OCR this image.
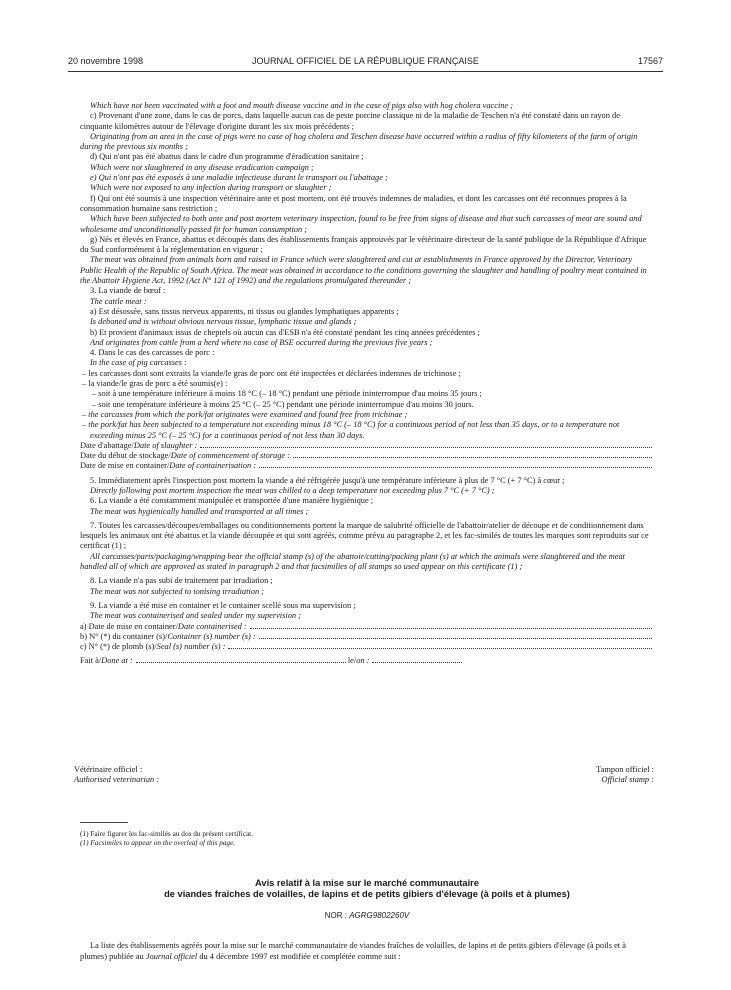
20 novembre 1998	JOURNAL OFFICIEL DE LA RÉPUBLIQUE FRANÇAISE	17567

Which have not been vaccinated with a foot and mouth disease vaccine and in the case of pigs also with hog cholera vaccine ;

c) Provenant d'une zone, dans le cas de porcs, dans laquelle aucun cas de peste porcine classique ni de la maladie de Teschen n'a été constaté dans un rayon de cinquante kilomètres autour de l'élevage d'origine durant les six mois précédents ;

Originating from an area in the case of pigs were no case of hog cholera and Teschen disease have occurred within a radius of fifty kilometers of the farm of origin during the previous six months ;

d) Qui n'ont pas été abattus dans le cadre d'un programme d'éradication sanitaire ;

Which were not slaughtered in any disease eradication campaign ;

e) Qui n'ont pas été exposés à une maladie infectieuse durant le transport ou l'abattage ;

Which were not exposed to any infection during transport or slaughter ;

f) Qui ont été soumis à une inspection vétérinaire ante et post mortem, ont été trouvés indemnes de maladies, et dont les carcasses ont été reconnues propres à la consommation humaine sans restriction ;

Which have been subjected to both ante and post mortem veterinary inspection, found to be free from signs of disease and that such carcasses of meat are sound and wholesome and unconditionally passed fit for human consumption ;

g) Nés et élevés en France, abattus et découpés dans des établissements français approuvés par le vétérinaire directeur de la santé publique de la République d'Afrique du Sud conformément à la réglementation en vigueur ;

The meat was obtained from animals born and raised in France which were slaughtered and cut at establishments in France approved by the Director, Veterinary Public Health of the Republic of South Africa. The meat was obtained in accordance to the conditions governing the slaughter and handling of poultry meat contained in the Abattoir Hygiene Act, 1992 (Act N° 121 of 1992) and the regulations promulgated thereunder ;

3. La viande de bœuf :

The cattle meat :

a) Est désossée, sans tissus nerveux apparents, ni tissus ou glandes lymphatiques apparents ;

Is deboned and is without obvious nervous tissue, lymphatic tissue and glands ;

b) Et provient d'animaux issus de cheptels où aucun cas d'ESB n'a été constaté pendant les cinq années précédentes ;

And originates from cattle from a herd where no case of BSE occurred during the previous five years ;

4. Dans le cas des carcasses de porc :

In the case of pig carcasses :

– les carcasses dont sont extraits la viande/le gras de porc ont été inspectées et déclarées indemnes de trichinose ;

– la viande/le gras de porc a été soumis(e) :

– soit à une température inférieure à moins 18 °C (– 18 °C) pendant une période ininterrompue d'au moins 35 jours ;

– soit une température inférieure à moins 25 °C (– 25 °C) pendant une période ininterrompue d'au moins 30 jours.

– the carcasses from which the pork/fat originates were examined and found free from trichinae ;

– the pork/fat has been subjected to a temperature not exceeding minus 18 °C (– 18 °C) for a continuous period of not less than 35 days, or to a temperature not exceeding minus 25 °C (– 25 °C) for a continuous period of not less than 30 days.

Date d'abattage/ Date of slaughter :
Date du début de stockage/ Date of commencement of storage :
Date de mise en container/ Date of containerisation :

5. Immédiatement après l'inspection post mortem la viande a été réfrigérée jusqu'à une température inférieure à plus de 7 °C (+ 7 °C) à cœur ;

Directly following post mortem inspection the meat was chilled to a deep temperature not exceeding plus 7 °C (+ 7 °C) ;

6. La viande a été constamment manipulée et transportée d'une manière hygiénique ;

The meat was hygienically handled and transported at all times ;

7. Toutes les carcasses/découpes/emballages ou conditionnements portent la marque de salubrité officielle de l'abattoir/atelier de découpe et de conditionnement dans lesquels les animaux ont été abattus et la viande découpée et qui sont agréés, comme prévu au paragraphe 2, et les fac-similés de toutes les marques sont reproduits sur ce certificat (1) ;

All carcasses/parts/packaging/wrapping bear the official stamp (s) of the abattoir/cutting/packing plant (s) at which the animals were slaughtered and the meat handled all of which are approved as stated in paragraph 2 and that facsimilies of all stamps so used appear on this certificate (1) ;

8. La viande n'a pas subi de traitement par irradiation ;

The meat was not subjected to ionising irradiation ;

9. La viande a été mise en container et le container scellé sous ma supervision ;

The meat was containerised and sealed under my supervision ;

a) Date de mise en container/ Date containerised :
b) N° (*) du container (s)/ Container (s) number (s) :
c) N° (*) de plomb (s)/ Seal (s) number (s) :
Fait à/ Done at :	le/ on :
Vétérinaire officiel :
Authorised veterinarian :
Tampon officiel :
Official stamp :
(1) Faire figurer les fac-similés au dos du présent certificat.
(1) Facsimiles to appear on the overleaf of this page.
Avis relatif à la mise sur le marché communautaire
de viandes fraîches de volailles, de lapins et de petits gibiers d'élevage (à poils et à plumes)
NOR : AGRG9802260V

La liste des établissements agréés pour la mise sur le marché communautaire de viandes fraîches de volailles, de lapins et de petits gibiers d'élevage (à poils et à plumes) publiée au Journal officiel du 4 décembre 1997 est modifiée et complétée comme suit :
